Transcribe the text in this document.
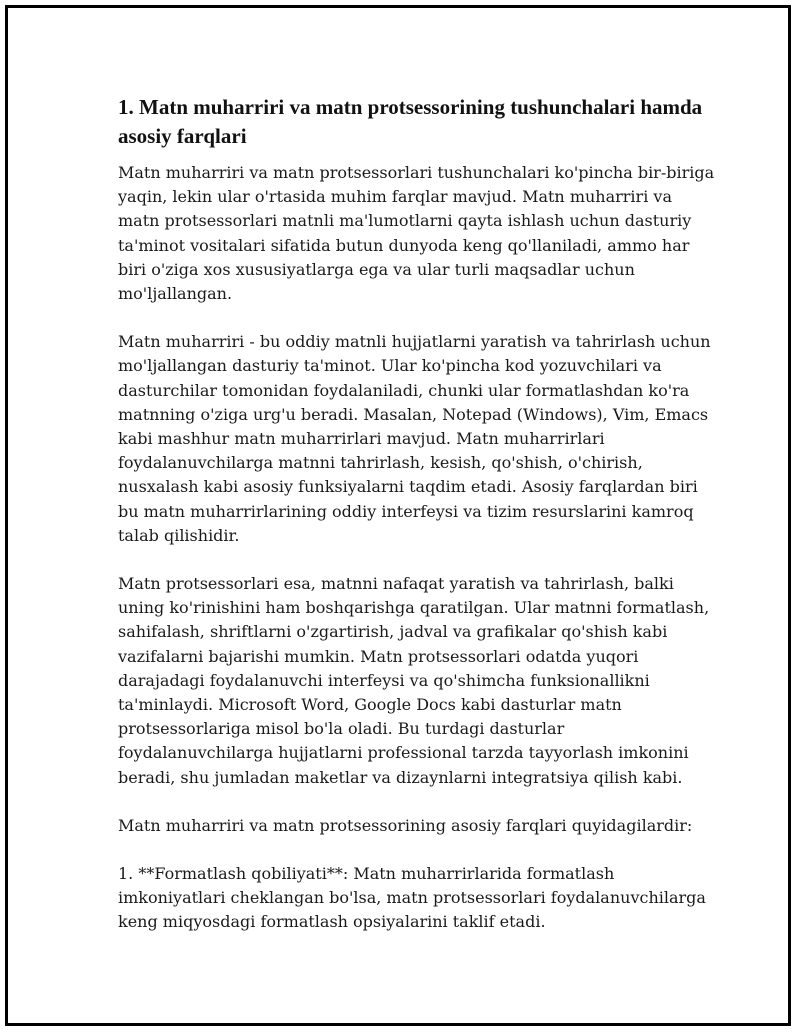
1. Matn muharriri va matn protsessorining tushunchalari hamda asosiy farqlari

Matn muharriri va matn protsessorlari tushunchalari ko'pincha bir-biriga yaqin, lekin ular o'rtasida muhim farqlar mavjud. Matn muharriri va matn protsessorlari matnli ma'lumotlarni qayta ishlash uchun dasturiy ta'minot vositalari sifatida butun dunyoda keng qo'llaniladi, ammo har biri o'ziga xos xususiyatlarga ega va ular turli maqsadlar uchun mo'ljallangan.

Matn muharriri - bu oddiy matnli hujjatlarni yaratish va tahrirlash uchun mo'ljallangan dasturiy ta'minot. Ular ko'pincha kod yozuvchilari va dasturchilar tomonidan foydalaniladi, chunki ular formatlashdan ko'ra matnning o'ziga urg'u beradi. Masalan, Notepad (Windows), Vim, Emacs kabi mashhur matn muharrirlari mavjud. Matn muharrirlari foydalanuvchilarga matnni tahrirlash, kesish, qo'shish, o'chirish, nusxalash kabi asosiy funksiyalarni taqdim etadi. Asosiy farqlardan biri bu matn muharrirlarining oddiy interfeysi va tizim resurslarini kamroq talab qilishidir.

Matn protsessorlari esa, matnni nafaqat yaratish va tahrirlash, balki uning ko'rinishini ham boshqarishga qaratilgan. Ular matnni formatlash, sahifalash, shriftlarni o'zgartirish, jadval va grafikalar qo'shish kabi vazifalarni bajarishi mumkin. Matn protsessorlari odatda yuqori darajadagi foydalanuvchi interfeysi va qo'shimcha funksionallikni ta'minlaydi. Microsoft Word, Google Docs kabi dasturlar matn protsessorlariga misol bo'la oladi. Bu turdagi dasturlar foydalanuvchilarga hujjatlarni professional tarzda tayyorlash imkonini beradi, shu jumladan maketlar va dizaynlarni integratsiya qilish kabi.

Matn muharriri va matn protsessorining asosiy farqlari quyidagilardir:

1. **Formatlash qobiliyati**: Matn muharrirlarida formatlash imkoniyatlari cheklangan bo'lsa, matn protsessorlari foydalanuvchilarga keng miqyosdagi formatlash opsiyalarini taklif etadi.
